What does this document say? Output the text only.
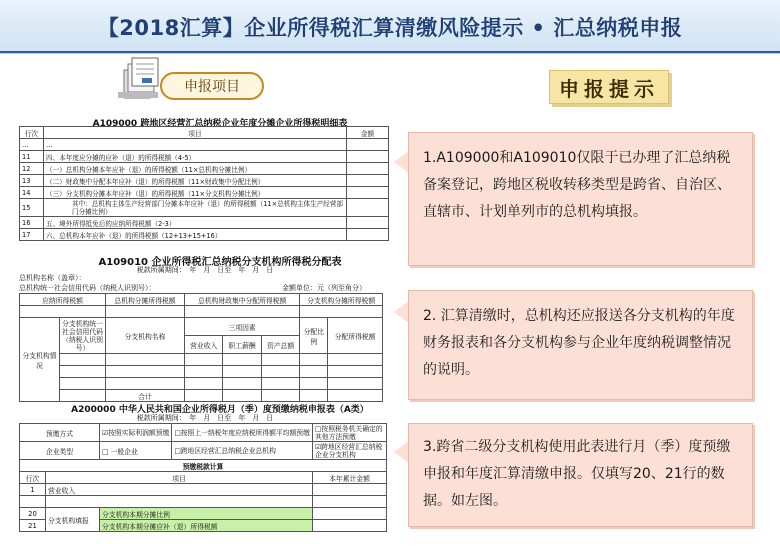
【2018汇算】企业所得税汇算清缴风险提示 • 汇总纳税申报
申报项目
A109000 跨地区经营汇总纳税企业年度分摊企业所得税明细表
行次	项目	金额
…	…	
11	四、本年度应分摊的应补（退）的所得税额（4-5）	
12	（一）总机构分摊本年应补（退）的所得税额（11×总机构分摊比例）	
13	（二）财政集中分配本年应补（退）的所得税额（11×财政集中分配比例）	
14	（三）分支机构分摊本年应补（退）的所得税额（11×分支机构分摊比例）	
15	其中：总机构主体生产经营部门分摊本年应补（退）的所得税额（11×总机构主体生产经营部门分摊比例）	
16	五、境外所得抵免后的应纳所得税额（2-3）	
17	六、总机构本年应补（退）的所得税额（12+13+15+16）	
A109010 企业所得税汇总纳税分支机构所得税分配表
税款所属期间：　年　月　日至　年　月　日
总机构名称（盖章）：
总机构统一社会信用代码（纳税人识别号）：	金额单位：元（列至角分）
应纳所得税额		总机构分摊所得税额	总机构财政集中分配所得税额			分支机构分摊所得税额	

分支机构情况	分支机构统一社会信用代码（纳税人识别号）	分支机构名称	三项因素			分配比例	分配所得税额
			营业收入	职工薪酬	资产总额		

		合计					
A200000 中华人民共和国企业所得税月（季）度预缴纳税申报表（A类）
税款所属期间：　年　月　日至　年　月　日
预缴方式		☑按照实际利润额预缴	□按照上一纳税年度应纳税所得额平均额预缴	□按照税务机关确定的其他方法预缴
企业类型		□ 一般企业	□跨地区经营汇总纳税企业总机构	☑跨地区经营汇总纳税企业分支机构
预缴税款计算				
行次	项目			本年累计金额
1	营业收入			

20	分支机构填报	分支机构本期分摊比例		
21		分支机构本期分摊应补（退）所得税额		
申报提示
1.A109000和A109010仅限于已办理了汇总纳税备案登记，跨地区税收转移类型是跨省、自治区、直辖市、计划单列市的总机构填报。
2. 汇算清缴时，总机构还应报送各分支机构的年度财务报表和各分支机构参与企业年度纳税调整情况的说明。
3.跨省二级分支机构使用此表进行月（季）度预缴申报和年度汇算清缴申报。仅填写20、21行的数据。如左图。
